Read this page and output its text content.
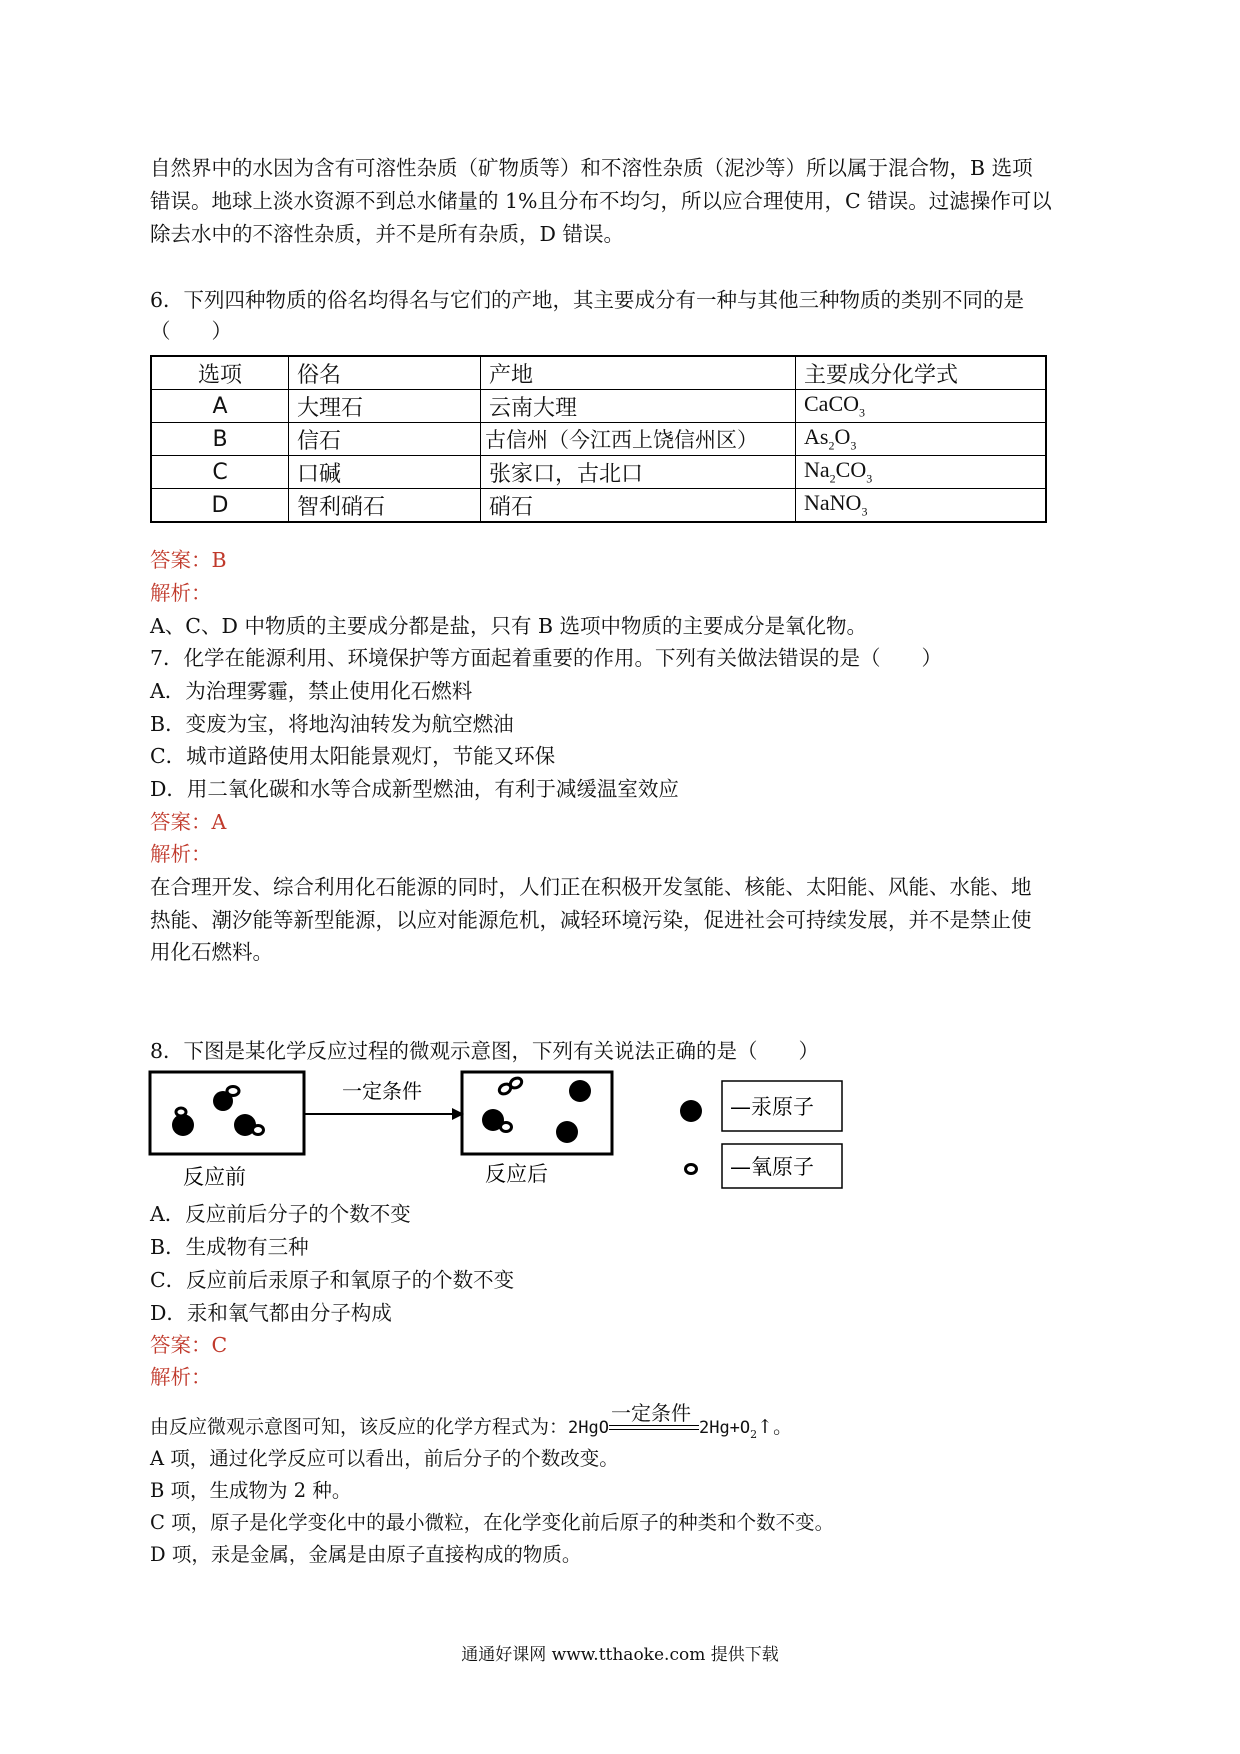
自然界中的水因为含有可溶性杂质（矿物质等）和不溶性杂质（泥沙等）所以属于混合物，B 选项
错误。地球上淡水资源不到总水储量的 1%且分布不均匀，所以应合理使用，C 错误。过滤操作可以
除去水中的不溶性杂质，并不是所有杂质，D 错误。
6．下列四种物质的俗名均得名与它们的产地，其主要成分有一种与其他三种物质的类别不同的是
（　　）
选项	俗名	产地	主要成分化学式
A	大理石	云南大理	CaCO$_3$
B	信石	古信州（今江西上饶信州区）	$As_2O_3$
C	口碱	张家口，古北口	$Na_2CO_3$
D	智利硝石	硝石	NaNO$_3$
答案：B
解析：
A、C、D 中物质的主要成分都是盐，只有 B 选项中物质的主要成分是氧化物。
7．化学在能源利用、环境保护等方面起着重要的作用。下列有关做法错误的是（　　）
A．为治理雾霾，禁止使用化石燃料
B．变废为宝，将地沟油转发为航空燃油
C．城市道路使用太阳能景观灯，节能又环保
D．用二氧化碳和水等合成新型燃油，有利于减缓温室效应
答案：A
解析：
在合理开发、综合利用化石能源的同时，人们正在积极开发氢能、核能、太阳能、风能、水能、地
热能、潮汐能等新型能源，以应对能源危机，减轻环境污染，促进社会可持续发展，并不是禁止使
用化石燃料。
8．下图是某化学反应过程的微观示意图，下列有关说法正确的是（　　）
一定条件
反应前	反应后
—汞原子
—氧原子
A．反应前后分子的个数不变
B．生成物有三种
C．反应前后汞原子和氧原子的个数不变
D．汞和氧气都由分子构成
答案：C
解析：
由反应微观示意图可知，该反应的化学方程式为：2HgO
一定条件
$2Hg+O_2↑$。
A 项，通过化学反应可以看出，前后分子的个数改变。
B 项，生成物为 2 种。
C 项，原子是化学变化中的最小微粒，在化学变化前后原子的种类和个数不变。
D 项，汞是金属，金属是由原子直接构成的物质。
通通好课网 www.tthaoke.com 提供下载
